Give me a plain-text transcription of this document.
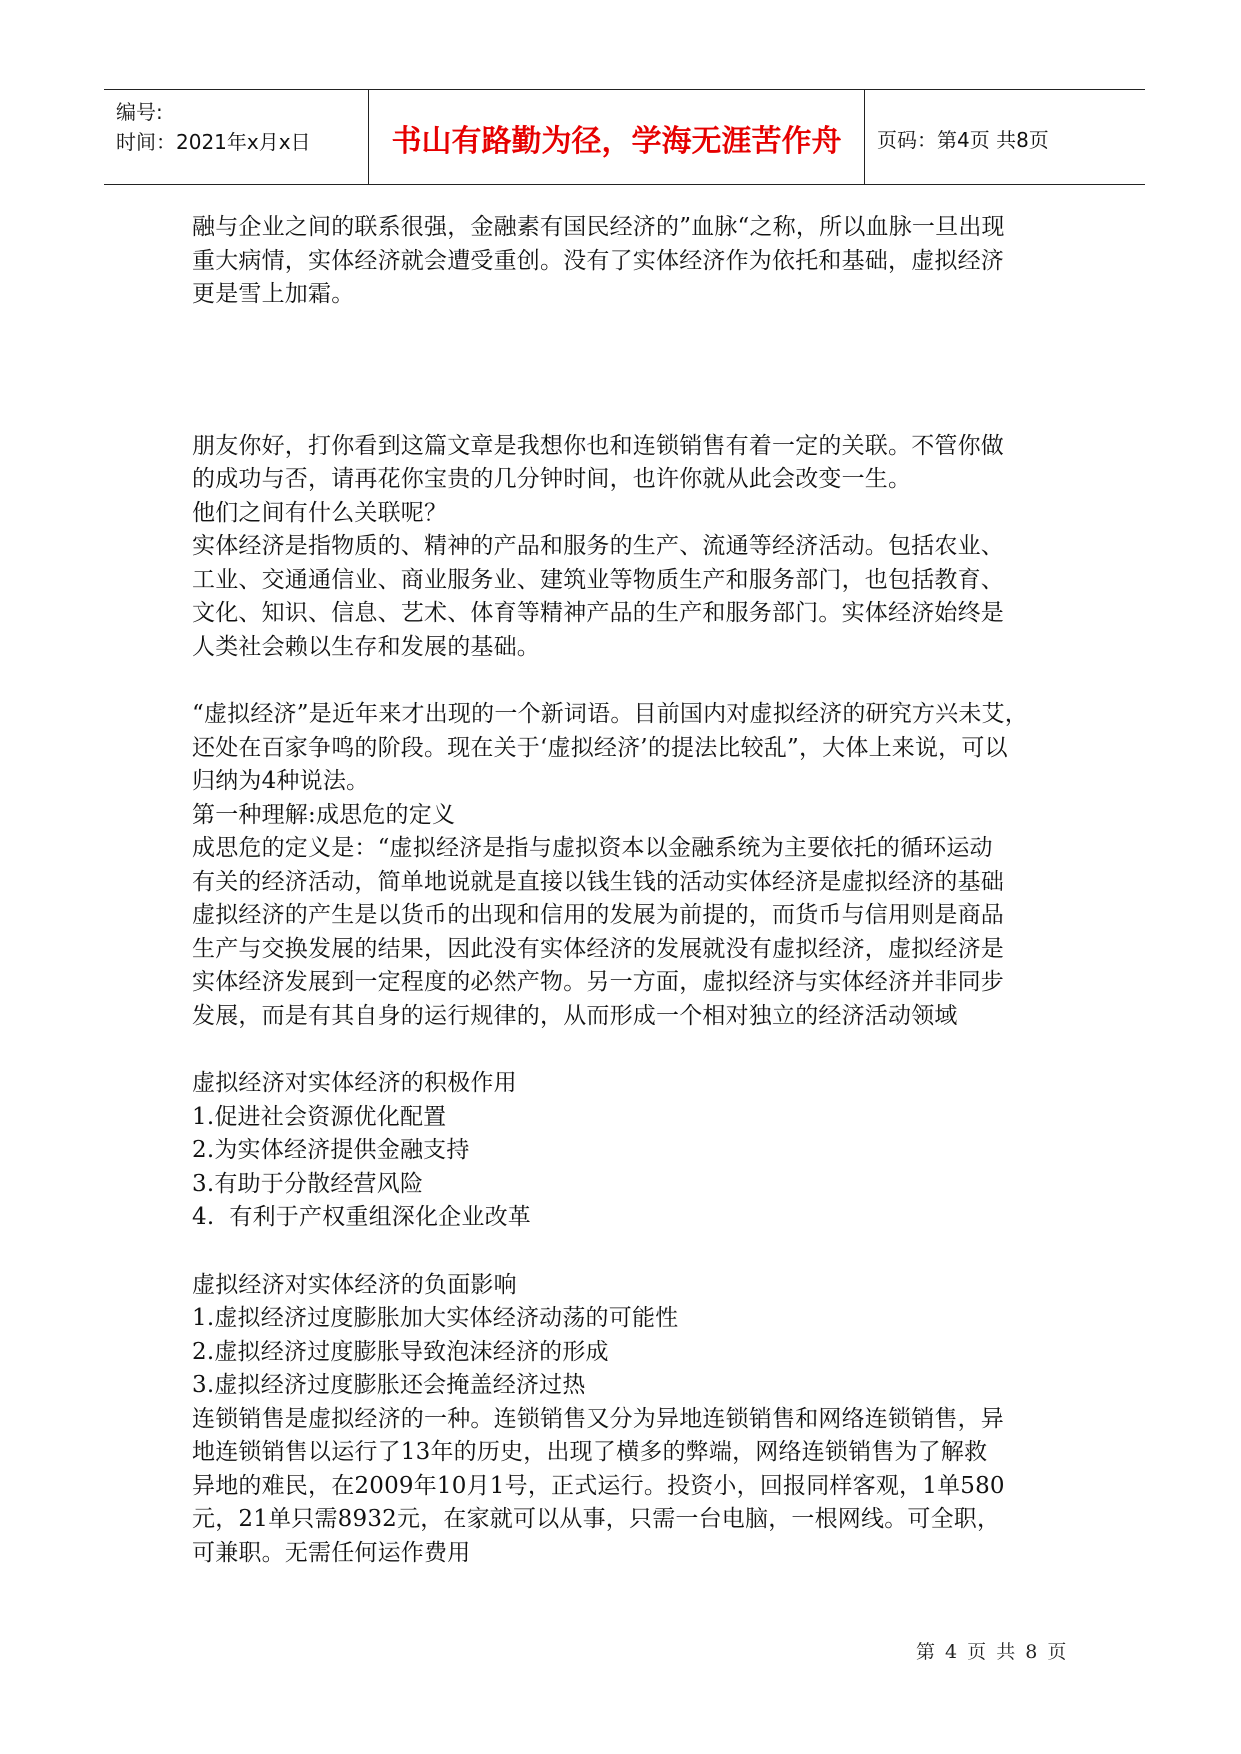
编号:
时间：2021年x月x日	书山有路勤为径，学海无涯苦作舟	页码：第4页 共8页

融与企业之间的联系很强，金融素有国民经济的”血脉“之称，所以血脉一旦出现

重大病情，实体经济就会遭受重创。没有了实体经济作为依托和基础，虚拟经济

更是雪上加霜。

朋友你好，打你看到这篇文章是我想你也和连锁销售有着一定的关联。不管你做

的成功与否，请再花你宝贵的几分钟时间，也许你就从此会改变一生。

他们之间有什么关联呢？

实体经济是指物质的、精神的产品和服务的生产、流通等经济活动。包括农业、

工业、交通通信业、商业服务业、建筑业等物质生产和服务部门，也包括教育、

文化、知识、信息、艺术、体育等精神产品的生产和服务部门。实体经济始终是

人类社会赖以生存和发展的基础。

“虚拟经济”是近年来才出现的一个新词语。目前国内对虚拟经济的研究方兴未艾，

还处在百家争鸣的阶段。现在关于‘虚拟经济’的提法比较乱”，大体上来说，可以

归纳为4种说法。

第一种理解:成思危的定义

成思危的定义是：“虚拟经济是指与虚拟资本以金融系统为主要依托的循环运动

有关的经济活动，简单地说就是直接以钱生钱的活动实体经济是虚拟经济的基础

虚拟经济的产生是以货币的出现和信用的发展为前提的，而货币与信用则是商品

生产与交换发展的结果，因此没有实体经济的发展就没有虚拟经济，虚拟经济是

实体经济发展到一定程度的必然产物。另一方面，虚拟经济与实体经济并非同步

发展，而是有其自身的运行规律的，从而形成一个相对独立的经济活动领域

虚拟经济对实体经济的积极作用

1.促进社会资源优化配置

2.为实体经济提供金融支持

3.有助于分散经营风险

4.  有利于产权重组深化企业改革

虚拟经济对实体经济的负面影响

1.虚拟经济过度膨胀加大实体经济动荡的可能性

2.虚拟经济过度膨胀导致泡沫经济的形成

3.虚拟经济过度膨胀还会掩盖经济过热

连锁销售是虚拟经济的一种。连锁销售又分为异地连锁销售和网络连锁销售，异

地连锁销售以运行了13年的历史，出现了横多的弊端，网络连锁销售为了解救

异地的难民，在2009年10月1号，正式运行。投资小，回报同样客观，1单580

元，21单只需8932元，在家就可以从事，只需一台电脑，一根网线。可全职，

可兼职。无需任何运作费用

第 4 页 共 8 页
